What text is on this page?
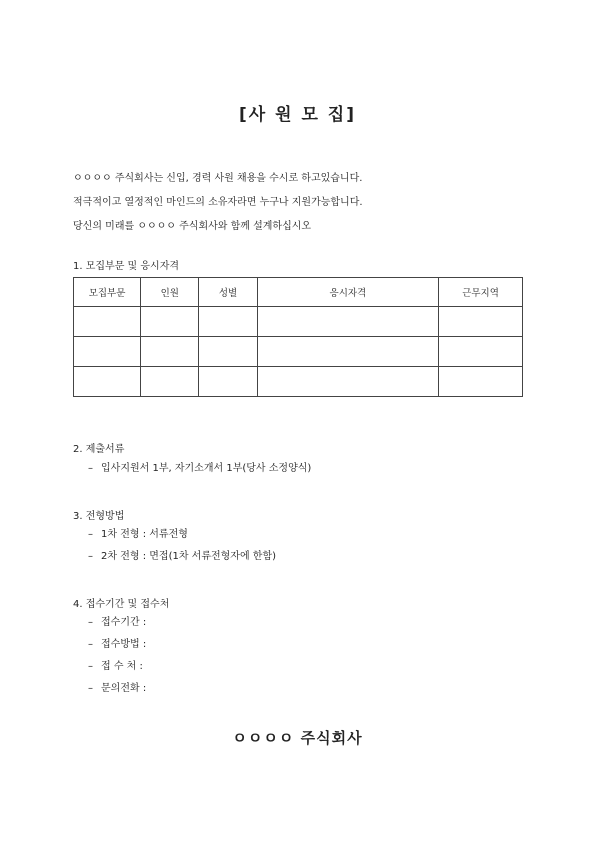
[사 원 모 집]
ㅇㅇㅇㅇ 주식회사는 신입, 경력 사원 채용을 수시로 하고있습니다.
적극적이고 열정적인 마인드의 소유자라면 누구나 지원가능합니다.
당신의 미래를 ㅇㅇㅇㅇ 주식회사와 함께 설계하십시오
1. 모집부문 및 응시자격
모집부문	인원	성별	응시자격	근무지역

2. 제출서류
– 입사지원서 1부, 자기소개서 1부(당사 소정양식)
3. 전형방법
– 1차 전형 : 서류전형
– 2차 전형 : 면접(1차 서류전형자에 한함)
4. 접수기간 및 접수처
– 접수기간 :
– 접수방법 :
– 접 수 처 :
– 문의전화 :
ㅇㅇㅇㅇ 주식회사
